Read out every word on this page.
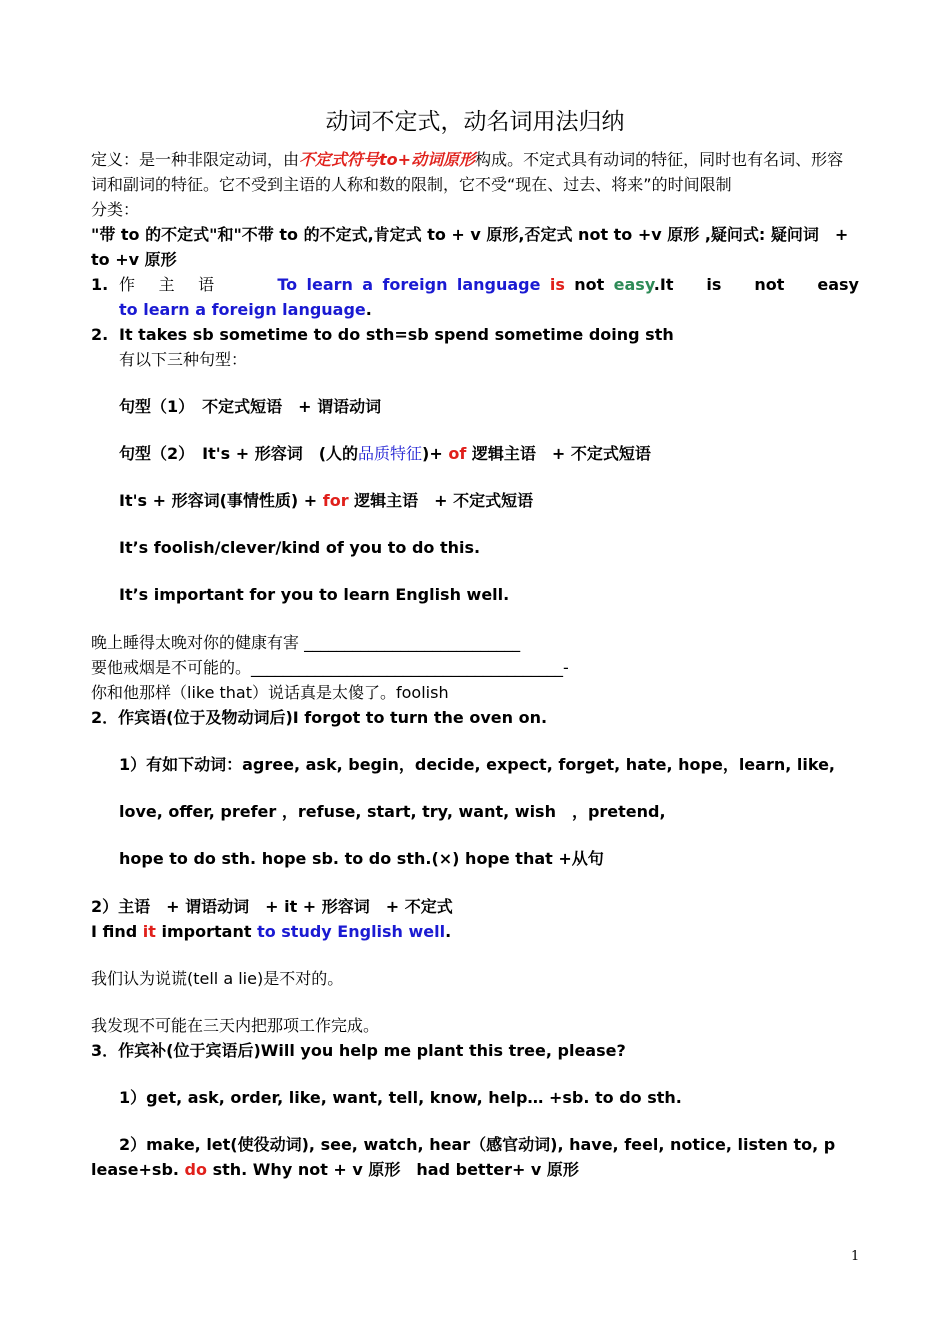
动词不定式，动名词用法归纳
定义：是一种非限定动词，由不定式符号to+动词原形构成。不定式具有动词的特征，同时也有名词、形容
词和副词的特征。它不受到主语的人称和数的限制，它不受“现在、过去、将来”的时间限制
分类：
"带 to 的不定式"和"不带 to 的不定式,肯定式 to + v 原形,否定式 not to +v 原形 ,疑问式: 疑问词　+
to +v 原形
1. 作　主　语　　　	To learn a foreign language is not easy.It　 is　 not　 easy
to learn a foreign language.
2. It takes sb sometime to do sth=sb spend sometime doing sth
有以下三种句型：
句型（1）　不定式短语　+ 谓语动词
句型（2）　It's + 形容词　(人的品质特征)+ of 逻辑主语　+ 不定式短语
It's + 形容词(事情性质) + for 逻辑主语　+ 不定式短语
It’s foolish/clever/kind of you to do this.
It’s important for you to learn English well.
晚上睡得太晚对你的健康有害 ___________________________
要他戒烟是不可能的。_______________________________________-
你和他那样（like that）说话真是太傻了。foolish
2．作宾语(位于及物动词后)I forgot to turn the oven on.
1）有如下动词：agree, ask, begin，decide, expect, forget, hate, hope，learn, like,
love, offer, prefer ，refuse, start, try, want, wish　，pretend,
hope to do sth. hope sb. to do sth.(×) hope that +从句
2）主语　+ 谓语动词　+ it + 形容词　+ 不定式
I find it important to study English well.
我们认为说谎(tell a lie)是不对的。
我发现不可能在三天内把那项工作完成。
3．作宾补(位于宾语后)Will you help me plant this tree, please?
1）get, ask, order, like, want, tell, know, help… +sb. to do sth.
2）make, let(使役动词), see, watch, hear（感官动词), have, feel, notice, listen to, p
lease+sb. do sth. Why not + v 原形　had better+ v 原形
1
